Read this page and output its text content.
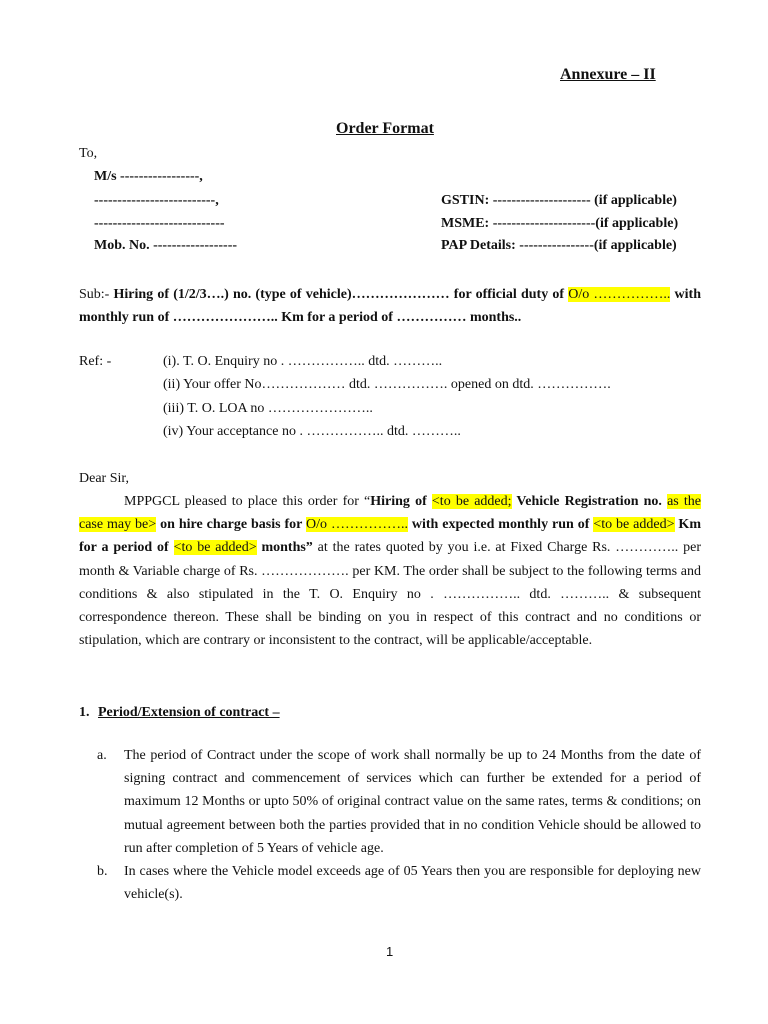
Annexure – II
Order Format
To,
M/s -----------------,
--------------------------,
----------------------------
Mob. No. ------------------
GSTIN: --------------------- (if applicable)
MSME: ----------------------(if applicable)
PAP Details: ----------------(if applicable)
Sub:- Hiring of (1/2/3….) no. (type of vehicle)………………… for official duty of O/o …………….. with monthly run of ………………….. Km for a period of …………… months..
Ref: -	(i). T. O. Enquiry no . …………….. dtd. ………..
(ii) Your offer No……………… dtd. ……………. opened on dtd. …………….
(iii) T. O. LOA no …………………..
(iv) Your acceptance no . …………….. dtd. ………..
Dear Sir,
MPPGCL pleased to place this order for “Hiring of <to be added; Vehicle Registration no. as the case may be> on hire charge basis for O/o …………….. with expected monthly run of <to be added> Km for a period of <to be added> months” at the rates quoted by you i.e. at Fixed Charge Rs. ………….. per month & Variable charge of Rs. ………………. per KM. The order shall be subject to the following terms and conditions & also stipulated in the T. O. Enquiry no . …………….. dtd. ……….. & subsequent correspondence thereon. These shall be binding on you in respect of this contract and no conditions or stipulation, which are contrary or inconsistent to the contract, will be applicable/acceptable.
1. Period/Extension of contract –
a.	The period of Contract under the scope of work shall normally be up to 24 Months from the date of signing contract and commencement of services which can further be extended for a period of maximum 12 Months or upto 50% of original contract value on the same rates, terms & conditions; on mutual agreement between both the parties provided that in no condition Vehicle should be allowed to run after completion of 5 Years of vehicle age.
b.	In cases where the Vehicle model exceeds age of 05 Years then you are responsible for deploying new vehicle(s).
1
